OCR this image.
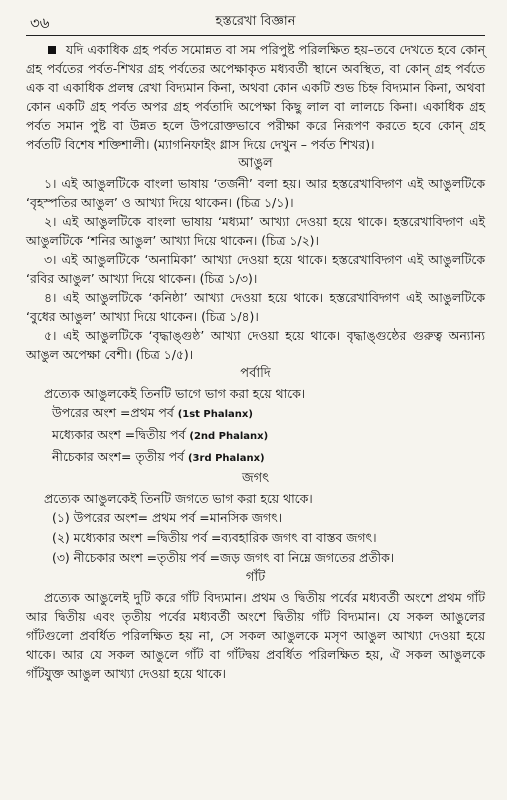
৩৬	হস্তরেখা বিজ্ঞান

যদি একাধিক গ্রহ পর্বত সমোন্নত বা সম পরিপুষ্ট পরিলক্ষিত হয়–তবে দেখতে হবে কোন্ গ্রহ পর্বতের পর্বত-শিখর গ্রহ পর্বতের অপেক্ষাকৃত মধ্যবর্তী স্থানে অবস্থিত, বা কোন্ গ্রহ পর্বতে এক বা একাধিক প্রলম্ব রেখা বিদ্যমান কিনা, অথবা কোন একটি শুভ চিহ্ন বিদ্যমান কিনা, অথবা কোন একটি গ্রহ পর্বত অপর গ্রহ পর্বতাদি অপেক্ষা কিছু লাল বা লালচে কিনা। একাধিক গ্রহ পর্বত সমান পুষ্ট বা উন্নত হলে উপরোক্তভাবে পরীক্ষা করে নিরূপণ করতে হবে কোন্ গ্রহ পর্বতটি বিশেষ শক্তিশালী। (ম্যাগনিফাইং গ্লাস দিয়ে দেখুন – পর্বত শিখর)।

আঙুল

১। এই আঙুলটিকে বাংলা ভাষায় ‘তর্জনী’ বলা হয়। আর হস্তরেখাবিদ্গণ এই আঙুলটিকে ‘বৃহস্পতির আঙুল’ ও আখ্যা দিয়ে থাকেন। (চিত্র ১/১)।

২। এই আঙুলটিকে বাংলা ভাষায় ‘মধ্যমা’ আখ্যা দেওয়া হয়ে থাকে। হস্তরেখাবিদ্গণ এই আঙুলটিকে ‘শনির আঙুল’ আখ্যা দিয়ে থাকেন। (চিত্র ১/২)।

৩। এই আঙুলটিকে ‘অনামিকা’ আখ্যা দেওয়া হয়ে থাকে। হস্তরেখাবিদ্গণ এই আঙুলটিকে ‘রবির আঙুল’ আখ্যা দিয়ে থাকেন। (চিত্র ১/৩)।

৪। এই আঙুলটিকে ‘কনিষ্ঠা’ আখ্যা দেওয়া হয়ে থাকে। হস্তরেখাবিদ্গণ এই আঙুলটিকে ‘বুধের আঙুল’ আখ্যা দিয়ে থাকেন। (চিত্র ১/৪)।

৫। এই আঙুলটিকে ‘বৃদ্ধাঙ্গুষ্ঠ’ আখ্যা দেওয়া হয়ে থাকে। বৃদ্ধাঙ্গুষ্ঠের গুরুত্ব অন্যান্য আঙুল অপেক্ষা বেশী। (চিত্র ১/৫)।

পর্বাদি

প্রত্যেক আঙুলকেই তিনটি ভাগে ভাগ করা হয়ে থাকে।

উপরের অংশ =প্রথম পর্ব (1st Phalanx)
মধ্যেকার অংশ =দ্বিতীয় পর্ব (2nd Phalanx)
নীচেকার অংশ= তৃতীয় পর্ব (3rd Phalanx)
জগৎ

প্রত্যেক আঙুলকেই তিনটি জগতে ভাগ করা হয়ে থাকে।

(১) উপরের অংশ= প্রথম পর্ব =মানসিক জগৎ।
(২) মধ্যেকার অংশ =দ্বিতীয় পর্ব =ব্যবহারিক জগৎ বা বাস্তব জগৎ।
(৩) নীচেকার অংশ =তৃতীয় পর্ব =জড় জগৎ বা নিম্নে জগতের প্রতীক।
গাঁট

প্রত্যেক আঙুলেই দুটি করে গাঁট বিদ্যমান। প্রথম ও দ্বিতীয় পর্বের মধ্যবর্তী অংশে প্রথম গাঁট আর দ্বিতীয় এবং তৃতীয় পর্বের মধ্যবর্তী অংশে দ্বিতীয় গাঁট বিদ্যমান। যে সকল আঙুলের গাঁটগুলো প্রবর্ধিত পরিলক্ষিত হয় না, সে সকল আঙুলকে মসৃণ আঙুল আখ্যা দেওয়া হয়ে থাকে। আর যে সকল আঙুলে গাঁট বা গাঁটদ্বয় প্রবর্ধিত পরিলক্ষিত হয়, ঐ সকল আঙুলকে গাঁটযুক্ত আঙুল আখ্যা দেওয়া হয়ে থাকে।
